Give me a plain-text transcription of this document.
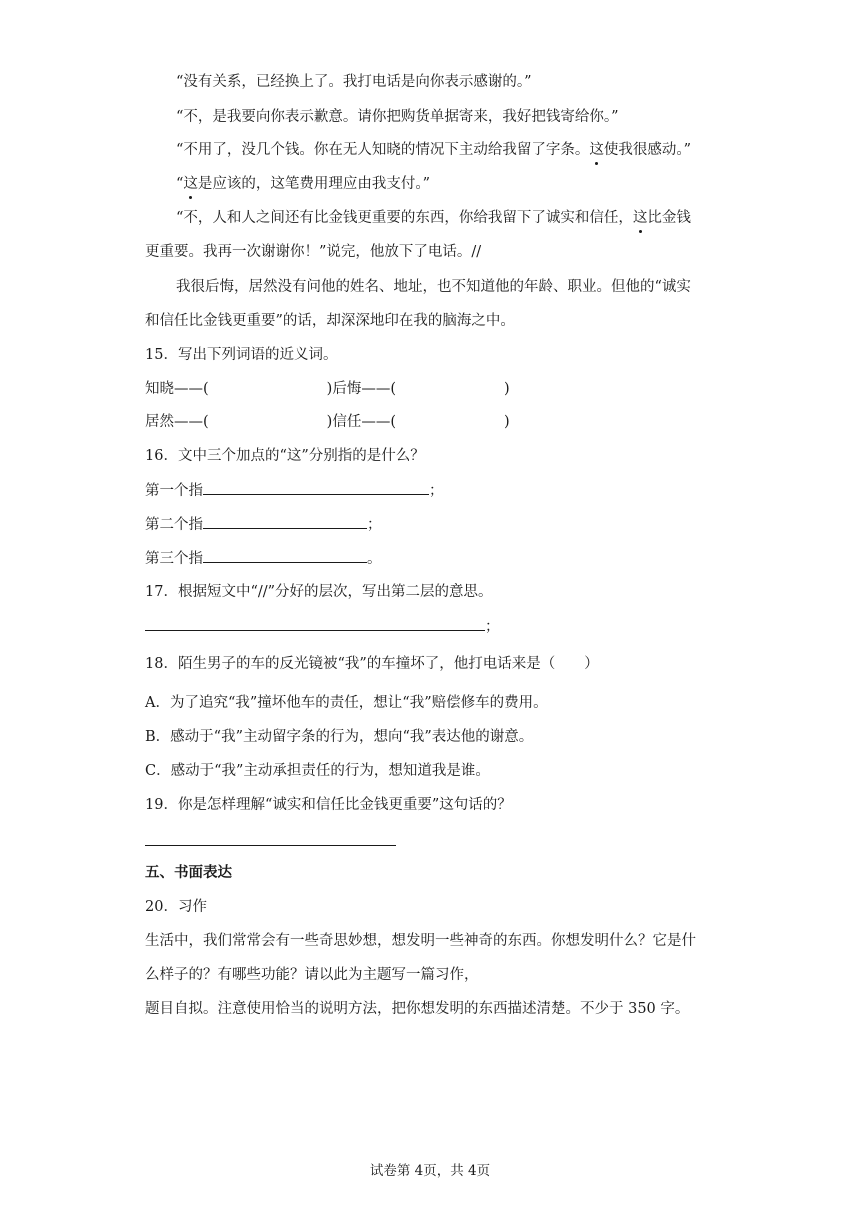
“没有关系，已经换上了。我打电话是向你表示感谢的。”
“不，是我要向你表示歉意。请你把购货单据寄来，我好把钱寄给你。”
“不用了，没几个钱。你在无人知晓的情况下主动给我留了字条。这使我很感动。”
“这是应该的，这笔费用理应由我支付。”
“不，人和人之间还有比金钱更重要的东西，你给我留下了诚实和信任，这比金钱
更重要。我再一次谢谢你！”说完，他放下了电话。//
我很后悔，居然没有问他的姓名、地址，也不知道他的年龄、职业。但他的“诚实
和信任比金钱更重要”的话，却深深地印在我的脑海之中。
15．写出下列词语的近义词。
知晓——(	)后悔——(	)
居然——(	)信任——(	)
16．文中三个加点的“这”分别指的是什么？
第一个指	；
第二个指	；
第三个指	。
17．根据短文中“//”分好的层次，写出第二层的意思。
；
18．陌生男子的车的反光镜被“我”的车撞坏了，他打电话来是（　　）
A．为了追究“我”撞坏他车的责任，想让“我”赔偿修车的费用。
B．感动于“我”主动留字条的行为，想向“我”表达他的谢意。
C．感动于“我”主动承担责任的行为，想知道我是谁。
19．你是怎样理解“诚实和信任比金钱更重要”这句话的？
五、书面表达
20．习作
生活中，我们常常会有一些奇思妙想，想发明一些神奇的东西。你想发明什么？它是什
么样子的？有哪些功能？请以此为主题写一篇习作，
题目自拟。注意使用恰当的说明方法，把你想发明的东西描述清楚。不少于 350 字。
试卷第 4页，共 4页
